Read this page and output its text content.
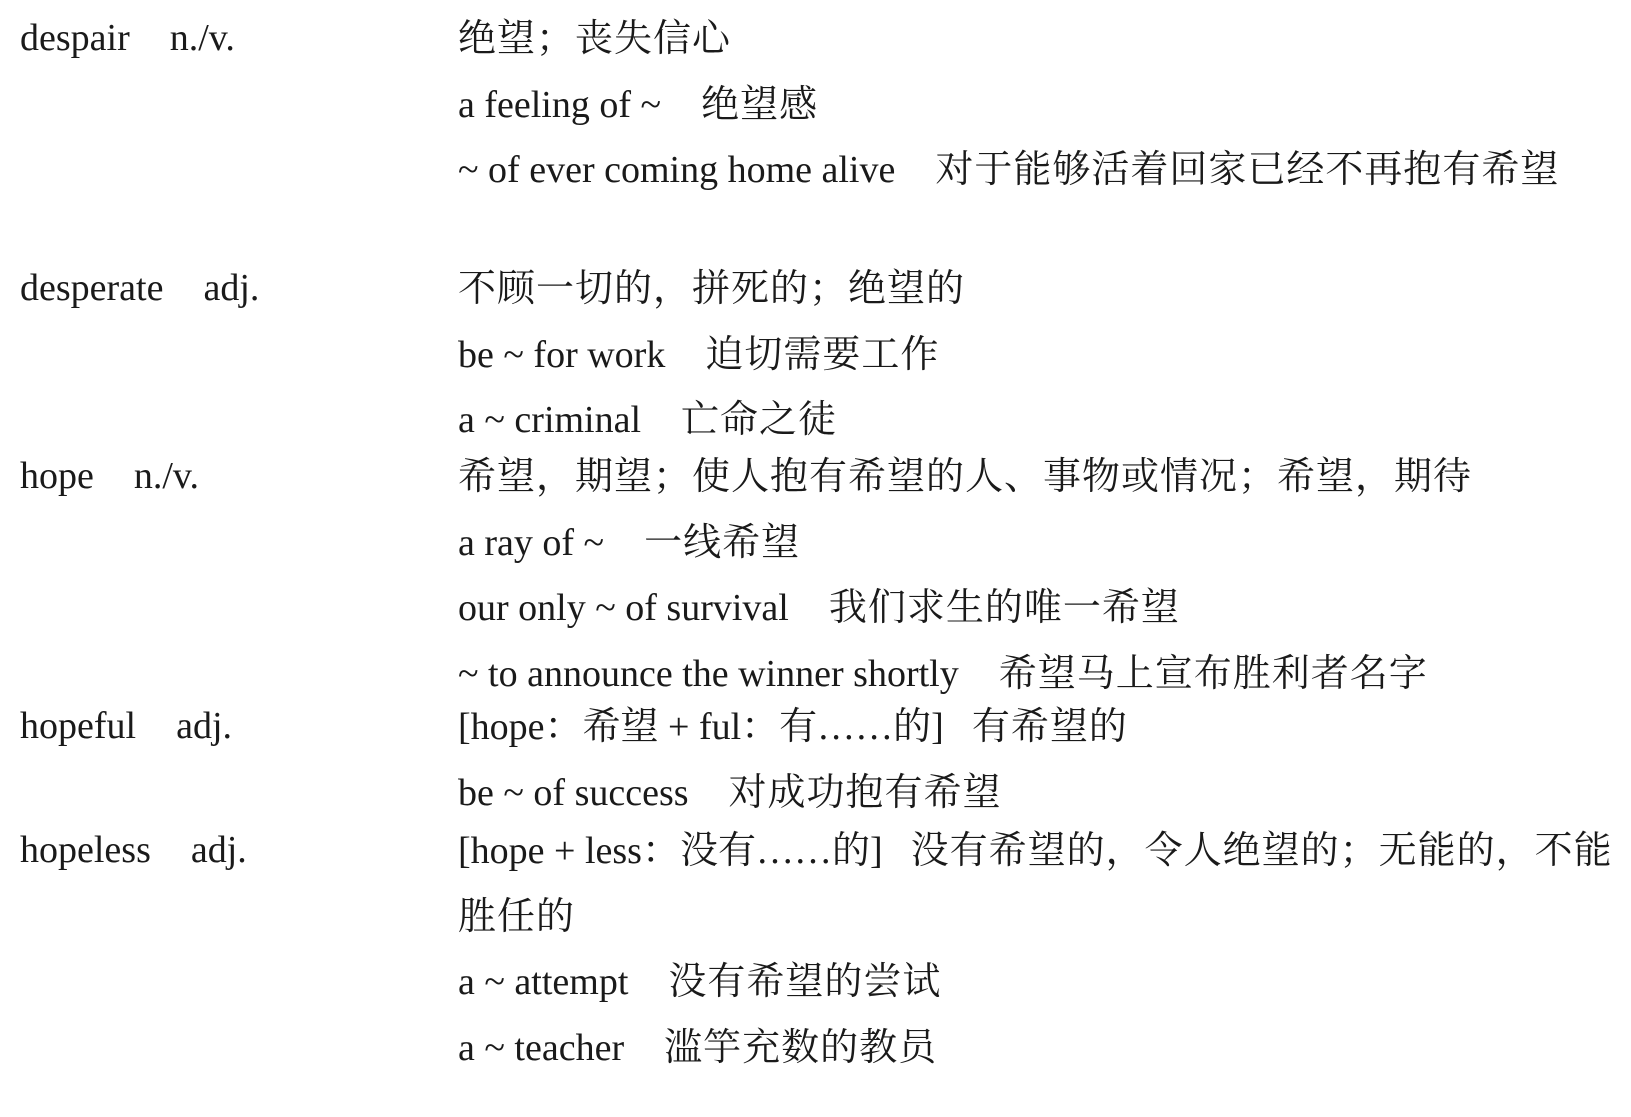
despair n./v.	绝望；丧失信心
a feeling of ~ 绝望感
~ of ever coming home alive 对于能够活着回家已经不再抱有希望
desperate adj.	不顾一切的，拼死的；绝望的
be ~ for work 迫切需要工作
a ~ criminal 亡命之徒
hope n./v.	希望，期望；使人抱有希望的人、事物或情况；希望，期待
a ray of ~ 一线希望
our only ~ of survival 我们求生的唯一希望
~ to announce the winner shortly 希望马上宣布胜利者名字
hopeful adj.	[hope：希望 + ful：有……的] 有希望的
be ~ of success 对成功抱有希望
hopeless adj.	[hope + less：没有……的] 没有希望的，令人绝望的；无能的，不能胜任的
a ~ attempt 没有希望的尝试
a ~ teacher 滥竽充数的教员
